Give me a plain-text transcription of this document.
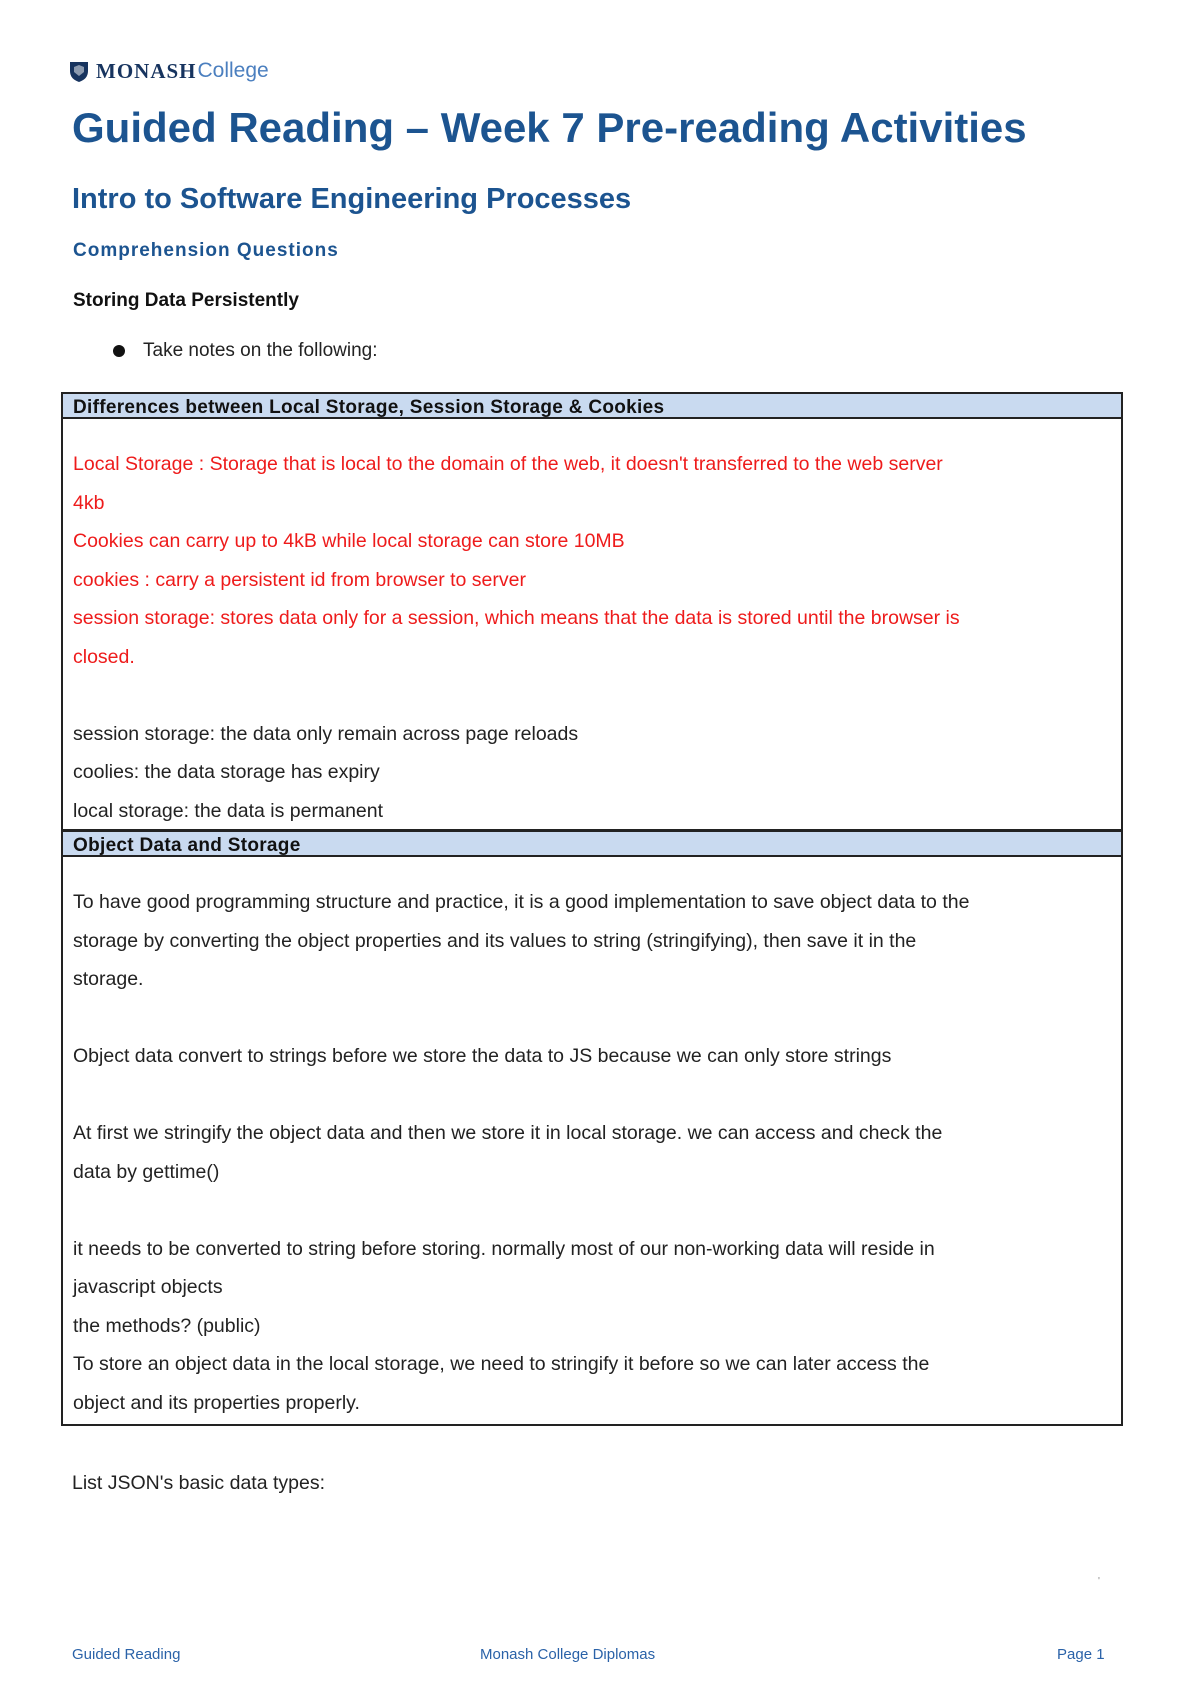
MONASH College
Guided Reading – Week 7 Pre-reading Activities
Intro to Software Engineering Processes
Comprehension Questions
Storing Data Persistently
Take notes on the following:
Differences between Local Storage, Session Storage & Cookies

Local Storage : Storage that is local to the domain of the web, it doesn't transferred to the web server

4kb

Cookies can carry up to 4kB while local storage can store 10MB

cookies : carry a persistent id from browser to server

session storage: stores data only for a session, which means that the data is stored until the browser is

closed.

session storage: the data only remain across page reloads

coolies: the data storage has expiry

local storage: the data is permanent

Object Data and Storage

To have good programming structure and practice, it is a good implementation to save object data to the

storage by converting the object properties and its values to string (stringifying), then save it in the

storage.

Object data convert to strings before we store the data to JS because we can only store strings

At first we stringify the object data and then we store it in local storage. we can access and check the

data by gettime()

it needs to be converted to string before storing. normally most of our non-working data will reside in

javascript objects

the methods? (public)

To store an object data in the local storage, we need to stringify it before so we can later access the

object and its properties properly.

List JSON's basic data types:

'
Guided Reading	Monash College Diplomas	Page 1
